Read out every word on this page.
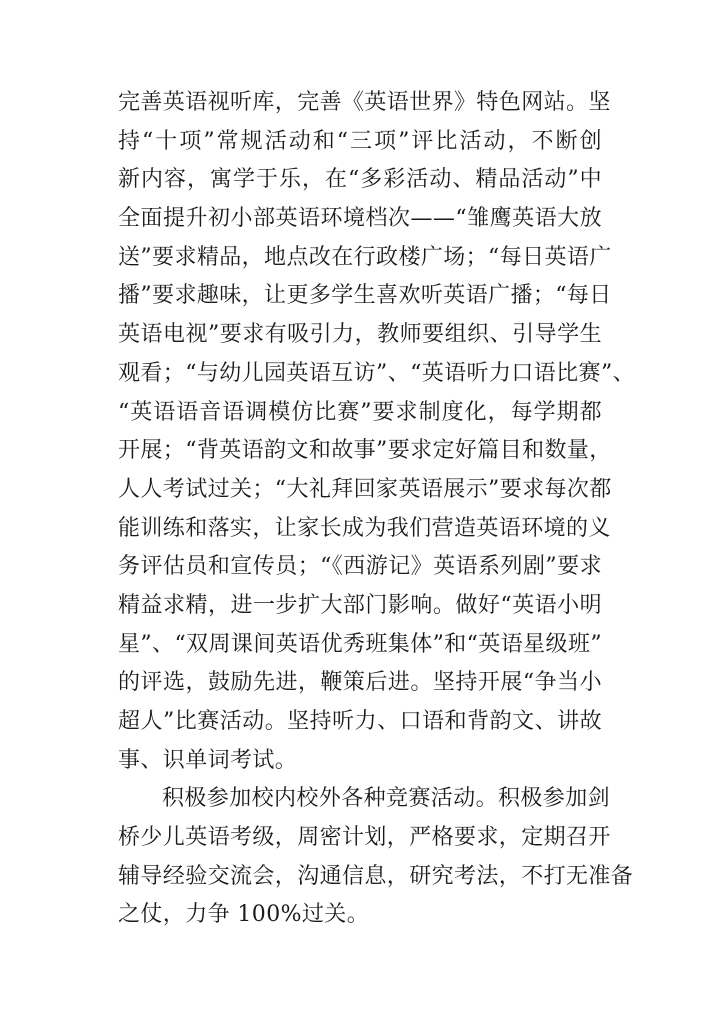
完善英语视听库，完善《英语世界》特色网站。坚
持“十项”常规活动和“三项”评比活动，不断创
新内容，寓学于乐，在“多彩活动、精品活动”中
全面提升初小部英语环境档次——“雏鹰英语大放
送”要求精品，地点改在行政楼广场；“每日英语广
播”要求趣味，让更多学生喜欢听英语广播；“每日
英语电视”要求有吸引力，教师要组织、引导学生
观看；“与幼儿园英语互访”、“英语听力口语比赛”、
“英语语音语调模仿比赛”要求制度化，每学期都
开展；“背英语韵文和故事”要求定好篇目和数量，
人人考试过关；“大礼拜回家英语展示”要求每次都
能训练和落实，让家长成为我们营造英语环境的义
务评估员和宣传员；“《西游记》英语系列剧”要求
精益求精，进一步扩大部门影响。做好“英语小明
星”、“双周课间英语优秀班集体”和“英语星级班”
的评选，鼓励先进，鞭策后进。坚持开展“争当小
超人”比赛活动。坚持听力、口语和背韵文、讲故
事、识单词考试。
积极参加校内校外各种竞赛活动。积极参加剑
桥少儿英语考级，周密计划，严格要求，定期召开
辅导经验交流会，沟通信息，研究考法，不打无准备
之仗，力争 100%过关。
